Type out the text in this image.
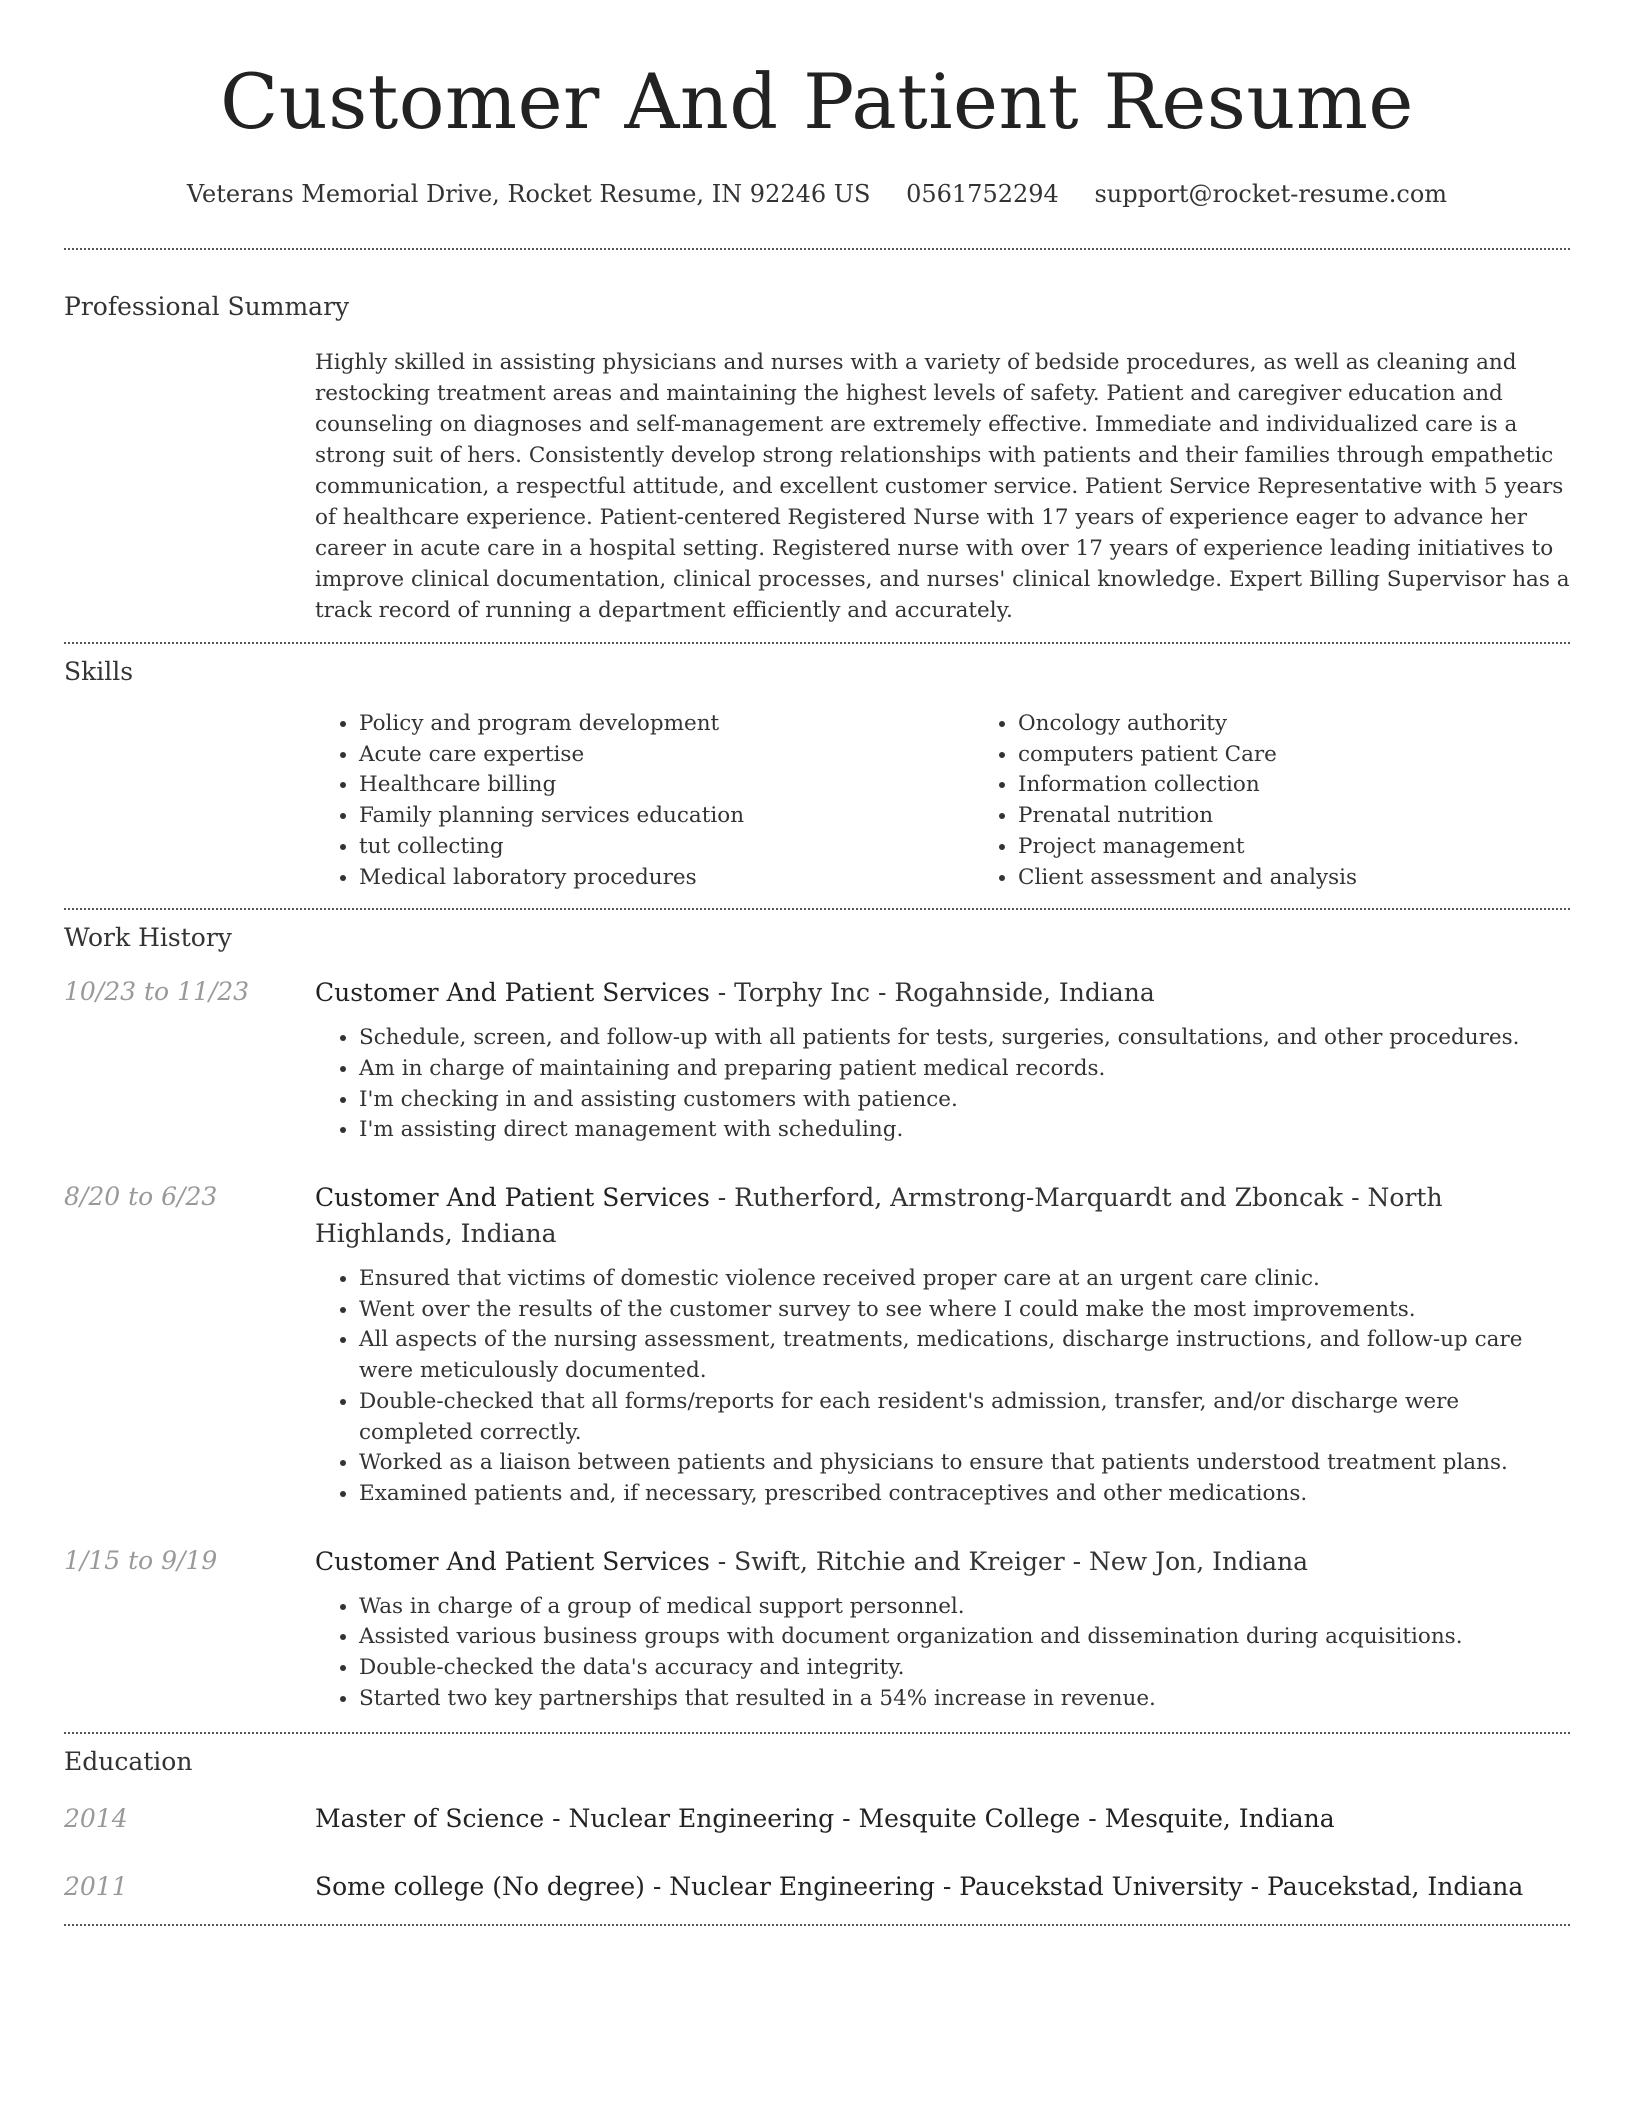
Customer And Patient Resume
Veterans Memorial Drive, Rocket Resume, IN 92246 US 0561752294 support@rocket-resume.com
Professional Summary
Highly skilled in assisting physicians and nurses with a variety of bedside procedures, as well as cleaning and restocking treatment areas and maintaining the highest levels of safety. Patient and caregiver education and counseling on diagnoses and self-management are extremely effective. Immediate and individualized care is a strong suit of hers. Consistently develop strong relationships with patients and their families through empathetic communication, a respectful attitude, and excellent customer service. Patient Service Representative with 5 years of healthcare experience. Patient-centered Registered Nurse with 17 years of experience eager to advance her career in acute care in a hospital setting. Registered nurse with over 17 years of experience leading initiatives to improve clinical documentation, clinical processes, and nurses' clinical knowledge. Expert Billing Supervisor has a track record of running a department efficiently and accurately.
Skills
• Policy and program development
• Acute care expertise
• Healthcare billing
• Family planning services education
• tut collecting
• Medical laboratory procedures
• Oncology authority
• computers patient Care
• Information collection
• Prenatal nutrition
• Project management
• Client assessment and analysis
Work History
10/23 to 11/23	Customer And Patient Services - Torphy Inc - Rogahnside, Indiana
• Schedule, screen, and follow-up with all patients for tests, surgeries, consultations, and other procedures.
• Am in charge of maintaining and preparing patient medical records.
• I'm checking in and assisting customers with patience.
• I'm assisting direct management with scheduling.
8/20 to 6/23	Customer And Patient Services - Rutherford, Armstrong-Marquardt and Zboncak - North Highlands, Indiana
• Ensured that victims of domestic violence received proper care at an urgent care clinic.
• Went over the results of the customer survey to see where I could make the most improvements.
• All aspects of the nursing assessment, treatments, medications, discharge instructions, and follow-up care were meticulously documented.
• Double-checked that all forms/reports for each resident's admission, transfer, and/or discharge were completed correctly.
• Worked as a liaison between patients and physicians to ensure that patients understood treatment plans.
• Examined patients and, if necessary, prescribed contraceptives and other medications.
1/15 to 9/19	Customer And Patient Services - Swift, Ritchie and Kreiger - New Jon, Indiana
• Was in charge of a group of medical support personnel.
• Assisted various business groups with document organization and dissemination during acquisitions.
• Double-checked the data's accuracy and integrity.
• Started two key partnerships that resulted in a 54% increase in revenue.
Education
2014	Master of Science - Nuclear Engineering - Mesquite College - Mesquite, Indiana
2011	Some college (No degree) - Nuclear Engineering - Paucekstad University - Paucekstad, Indiana
